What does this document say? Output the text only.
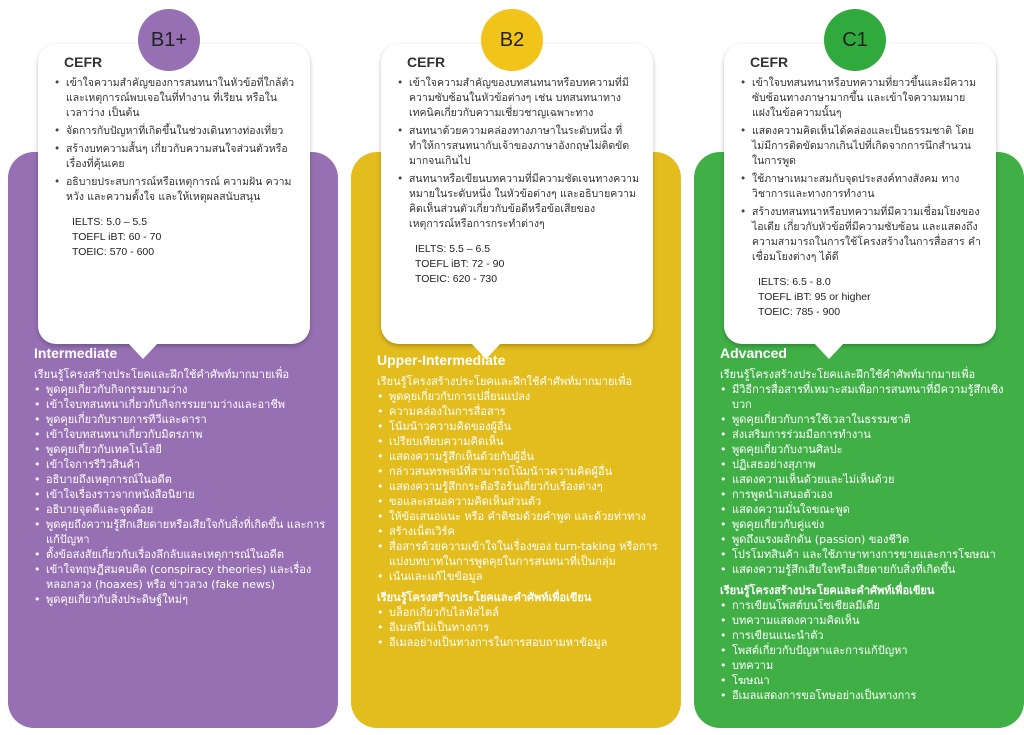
CEFR
• เข้าใจความสำคัญของการสนทนาในหัวข้อที่ใกล้ตัวและเหตุการณ์พบเจอในที่ทำงาน ที่เรียน หรือในเวลาว่าง เป็นต้น
• จัดการกับปัญหาที่เกิดขึ้นในช่วงเดินทางท่องเที่ยว
• สร้างบทความสั้นๆ เกี่ยวกับความสนใจส่วนตัวหรือเรื่องที่คุ้นเคย
• อธิบายประสบการณ์หรือเหตุการณ์ ความฝัน ความหวัง และความตั้งใจ และให้เหตุผลสนับสนุน
IELTS: 5.0 – 5.5
TOEFL iBT: 60 - 70
TOEIC: 570 - 600
B1+
Intermediate
เรียนรู้โครงสร้างประโยคและฝึกใช้คำศัพท์มากมายเพื่อ
• พูดคุยเกี่ยวกับกิจกรรมยามว่าง
• เข้าใจบทสนทนาเกี่ยวกับกิจกรรมยามว่างและอาชีพ
• พูดคุยเกี่ยวกับรายการทีวีและดารา
• เข้าใจบทสนทนาเกี่ยวกับมิตรภาพ
• พูดคุยเกี่ยวกับเทคโนโลยี
• เข้าใจการรีวิวสินค้า
• อธิบายถึงเหตุการณ์ในอดีต
• เข้าใจเรื่องราวจากหนังสือนิยาย
• อธิบายจุดดีและจุดด้อย
• พูดคุยถึงความรู้สึกเสียดายหรือเสียใจกับสิ่งที่เกิดขึ้น และการแก้ปัญหา
• ตั้งข้อสงสัยเกี่ยวกับเรื่องลึกลับและเหตุการณ์ในอดีต
• เข้าใจทฤษฎีสมคบคิด (conspiracy theories) และเรื่องหลอกลวง (hoaxes) หรือ ข่าวลวง (fake news)
• พูดคุยเกี่ยวกับสิ่งประดิษฐ์ใหม่ๆ
CEFR
• เข้าใจความสำคัญของบทสนทนาหรือบทความที่มีความซับซ้อนในหัวข้อต่างๆ เช่น บทสนทนาทางเทคนิคเกี่ยวกับความเชี่ยวชาญเฉพาะทาง
• สนทนาด้วยความคล่องทางภาษาในระดับหนึ่ง ที่ทำให้การสนทนากับเจ้าของภาษาอังกฤษไม่ติดขัดมากจนเกินไป
• สนทนาหรือเขียนบทความที่มีความชัดเจนทางความหมายในระดับหนึ่ง ในหัวข้อต่างๆ และอธิบายความคิดเห็นส่วนตัวเกี่ยวกับข้อดีหรือข้อเสียของเหตุการณ์หรือการกระทำต่างๆ
IELTS: 5.5 – 6.5
TOEFL iBT: 72 - 90
TOEIC: 620 - 730
B2
Upper-Intermediate
เรียนรู้โครงสร้างประโยคและฝึกใช้คำศัพท์มากมายเพื่อ
• พูดคุยเกี่ยวกับการเปลี่ยนแปลง
• ความคล่องในการสื่อสาร
• โน้มน้าวความคิดของผู้อื่น
• เปรียบเทียบความคิดเห็น
• แสดงความรู้สึกเห็นด้วยกับผู้อื่น
• กล่าวสนทรพจน์ที่สามารถโน้มน้าวความคิดผู้อื่น
• แสดงความรู้สึกกระตือรือร้นเกี่ยวกับเรื่องต่างๆ
• ขอและเสนอความคิดเห็นส่วนตัว
• ให้ข้อเสนอแนะ หรือ คำติชมด้วยคำพูด และด้วยท่าทาง
• สร้างเน็ตเวิร์ค
• สื่อสารด้วยความเข้าใจในเรื่องของ turn-taking หรือการแบ่งบทบาทในการพูดคุยในการสนทนาที่เป็นกลุ่ม
• เน้นและแก้ไขข้อมูล
เรียนรู้โครงสร้างประโยคและคำศัพท์เพื่อเขียน
• บล็อกเกี่ยวกับไลฟ์สไตล์
• อีเมลที่ไม่เป็นทางการ
• อีเมลอย่างเป็นทางการในการสอบถามหาข้อมูล
CEFR
• เข้าใจบทสนทนาหรือบทความที่ยาวขึ้นและมีความซับซ้อนทางภาษามากขึ้น และเข้าใจความหมายแฝงในข้อความนั้นๆ
• แสดงความคิดเห็นได้คล่องและเป็นธรรมชาติ โดยไม่มีการติดขัดมากเกินไปที่เกิดจากการนึกสำนวนในการพูด
• ใช้ภาษาเหมาะสมกับจุดประสงค์ทางสังคม ทางวิชาการและทางการทำงาน
• สร้างบทสนทนาหรือบทความที่มีความเชื่อมโยงของไอเดีย เกี่ยวกับหัวข้อที่มีความซับซ้อน และแสดงถึงความสามารถในการใช้โครงสร้างในการสื่อสาร คำเชื่อมโยงต่างๆ ได้ดี
IELTS: 6.5 - 8.0
TOEFL iBT: 95 or higher
TOEIC: 785 - 900
C1
Advanced
เรียนรู้โครงสร้างประโยคและฝึกใช้คำศัพท์มากมายเพื่อ
• มีวิธีการสื่อสารที่เหมาะสมเพื่อการสนทนาที่มีความรู้สึกเชิงบวก
• พูดคุยเกี่ยวกับการใช้เวลาในธรรมชาติ
• ส่งเสริมการร่วมมือการทำงาน
• พูดคุยเกี่ยวกับงานศิลปะ
• ปฏิเสธอย่างสุภาพ
• แสดงความเห็นด้วยและไม่เห็นด้วย
• การพูดนำเสนอตัวเอง
• แสดงความมั่นใจขณะพูด
• พูดคุยเกี่ยวกับคู่แข่ง
• พูดถึงแรงผลักดัน (passion) ของชีวิต
• โปรโมทสินค้า และใช้ภาษาทางการขายและการโฆษณา
• แสดงความรู้สึกเสียใจหรือเสียดายกับสิ่งที่เกิดขึ้น
เรียนรู้โครงสร้างประโยคและคำศัพท์เพื่อเขียน
• การเขียนโพสต์บนโซเชียลมีเดีย
• บทความแสดงความคิดเห็น
• การเขียนแนะนำตัว
• โพสต์เกี่ยวกับปัญหาและการแก้ปัญหา
• บทความ
• โฆษณา
• อีเมลแสดงการขอโทษอย่างเป็นทางการ
